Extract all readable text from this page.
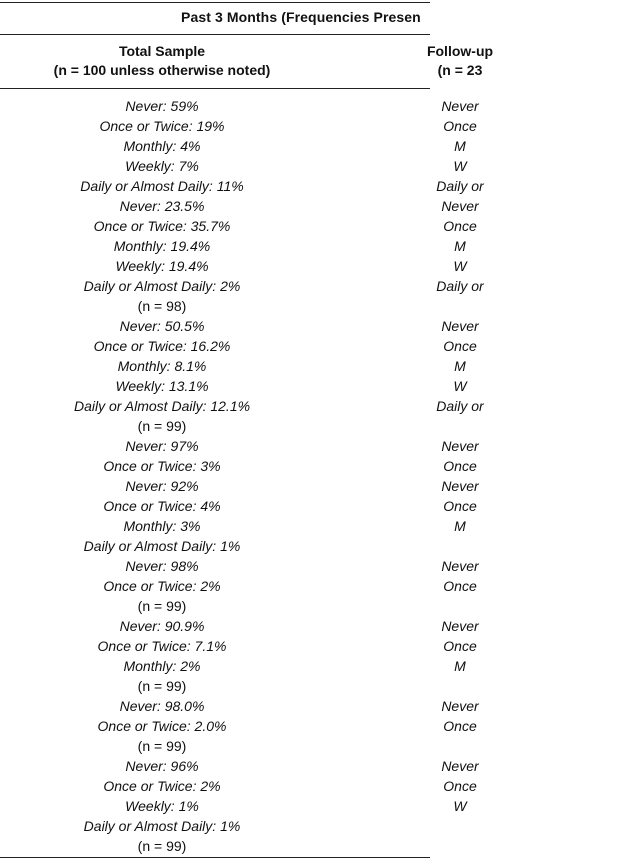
Past 3 Months (Frequencies Presen
Total Sample
(n = 100 unless otherwise noted)
Follow-up
(n = 23
Never: 59%
Once or Twice: 19%
Monthly: 4%
Weekly: 7%
Daily or Almost Daily: 11%
Never: 23.5%
Once or Twice: 35.7%
Monthly: 19.4%
Weekly: 19.4%
Daily or Almost Daily: 2%
(n = 98)
Never: 50.5%
Once or Twice: 16.2%
Monthly: 8.1%
Weekly: 13.1%
Daily or Almost Daily: 12.1%
(n = 99)
Never: 97%
Once or Twice: 3%
Never: 92%
Once or Twice: 4%
Monthly: 3%
Daily or Almost Daily: 1%
Never: 98%
Once or Twice: 2%
(n = 99)
Never: 90.9%
Once or Twice: 7.1%
Monthly: 2%
(n = 99)
Never: 98.0%
Once or Twice: 2.0%
(n = 99)
Never: 96%
Once or Twice: 2%
Weekly: 1%
Daily or Almost Daily: 1%
(n = 99)
Never
Once
M
W
Daily or
Never
Once
M
W
Daily or
Never
Once
M
W
Daily or
Never
Once
Never
Once
M
Never
Once
Never
Once
M
Never
Once
Never
Once
W
